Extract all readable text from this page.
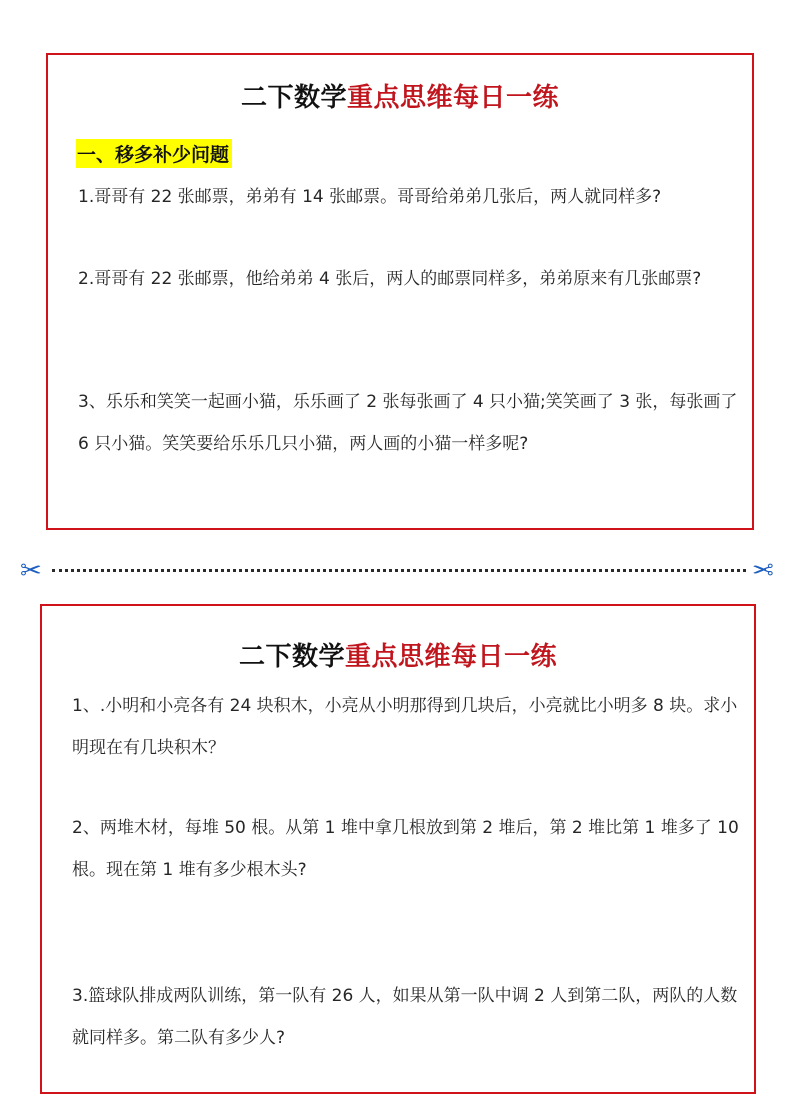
二下数学重点思维每日一练
一、移多补少问题

1.哥哥有 22 张邮票，弟弟有 14 张邮票。哥哥给弟弟几张后，两人就同样多?

2.哥哥有 22 张邮票，他给弟弟 4 张后，两人的邮票同样多，弟弟原来有几张邮票?

3、乐乐和笑笑一起画小猫，乐乐画了 2 张每张画了 4 只小猫;笑笑画了 3 张，每张画了 6 只小猫。笑笑要给乐乐几只小猫，两人画的小猫一样多呢?

✂	✂
二下数学重点思维每日一练

1、.小明和小亮各有 24 块积木，小亮从小明那得到几块后，小亮就比小明多 8 块。求小明现在有几块积木？

2、两堆木材，每堆 50 根。从第 1 堆中拿几根放到第 2 堆后，第 2 堆比第 1 堆多了 10 根。现在第 1 堆有多少根木头?

3.篮球队排成两队训练，第一队有 26 人，如果从第一队中调 2 人到第二队，两队的人数就同样多。第二队有多少人?
